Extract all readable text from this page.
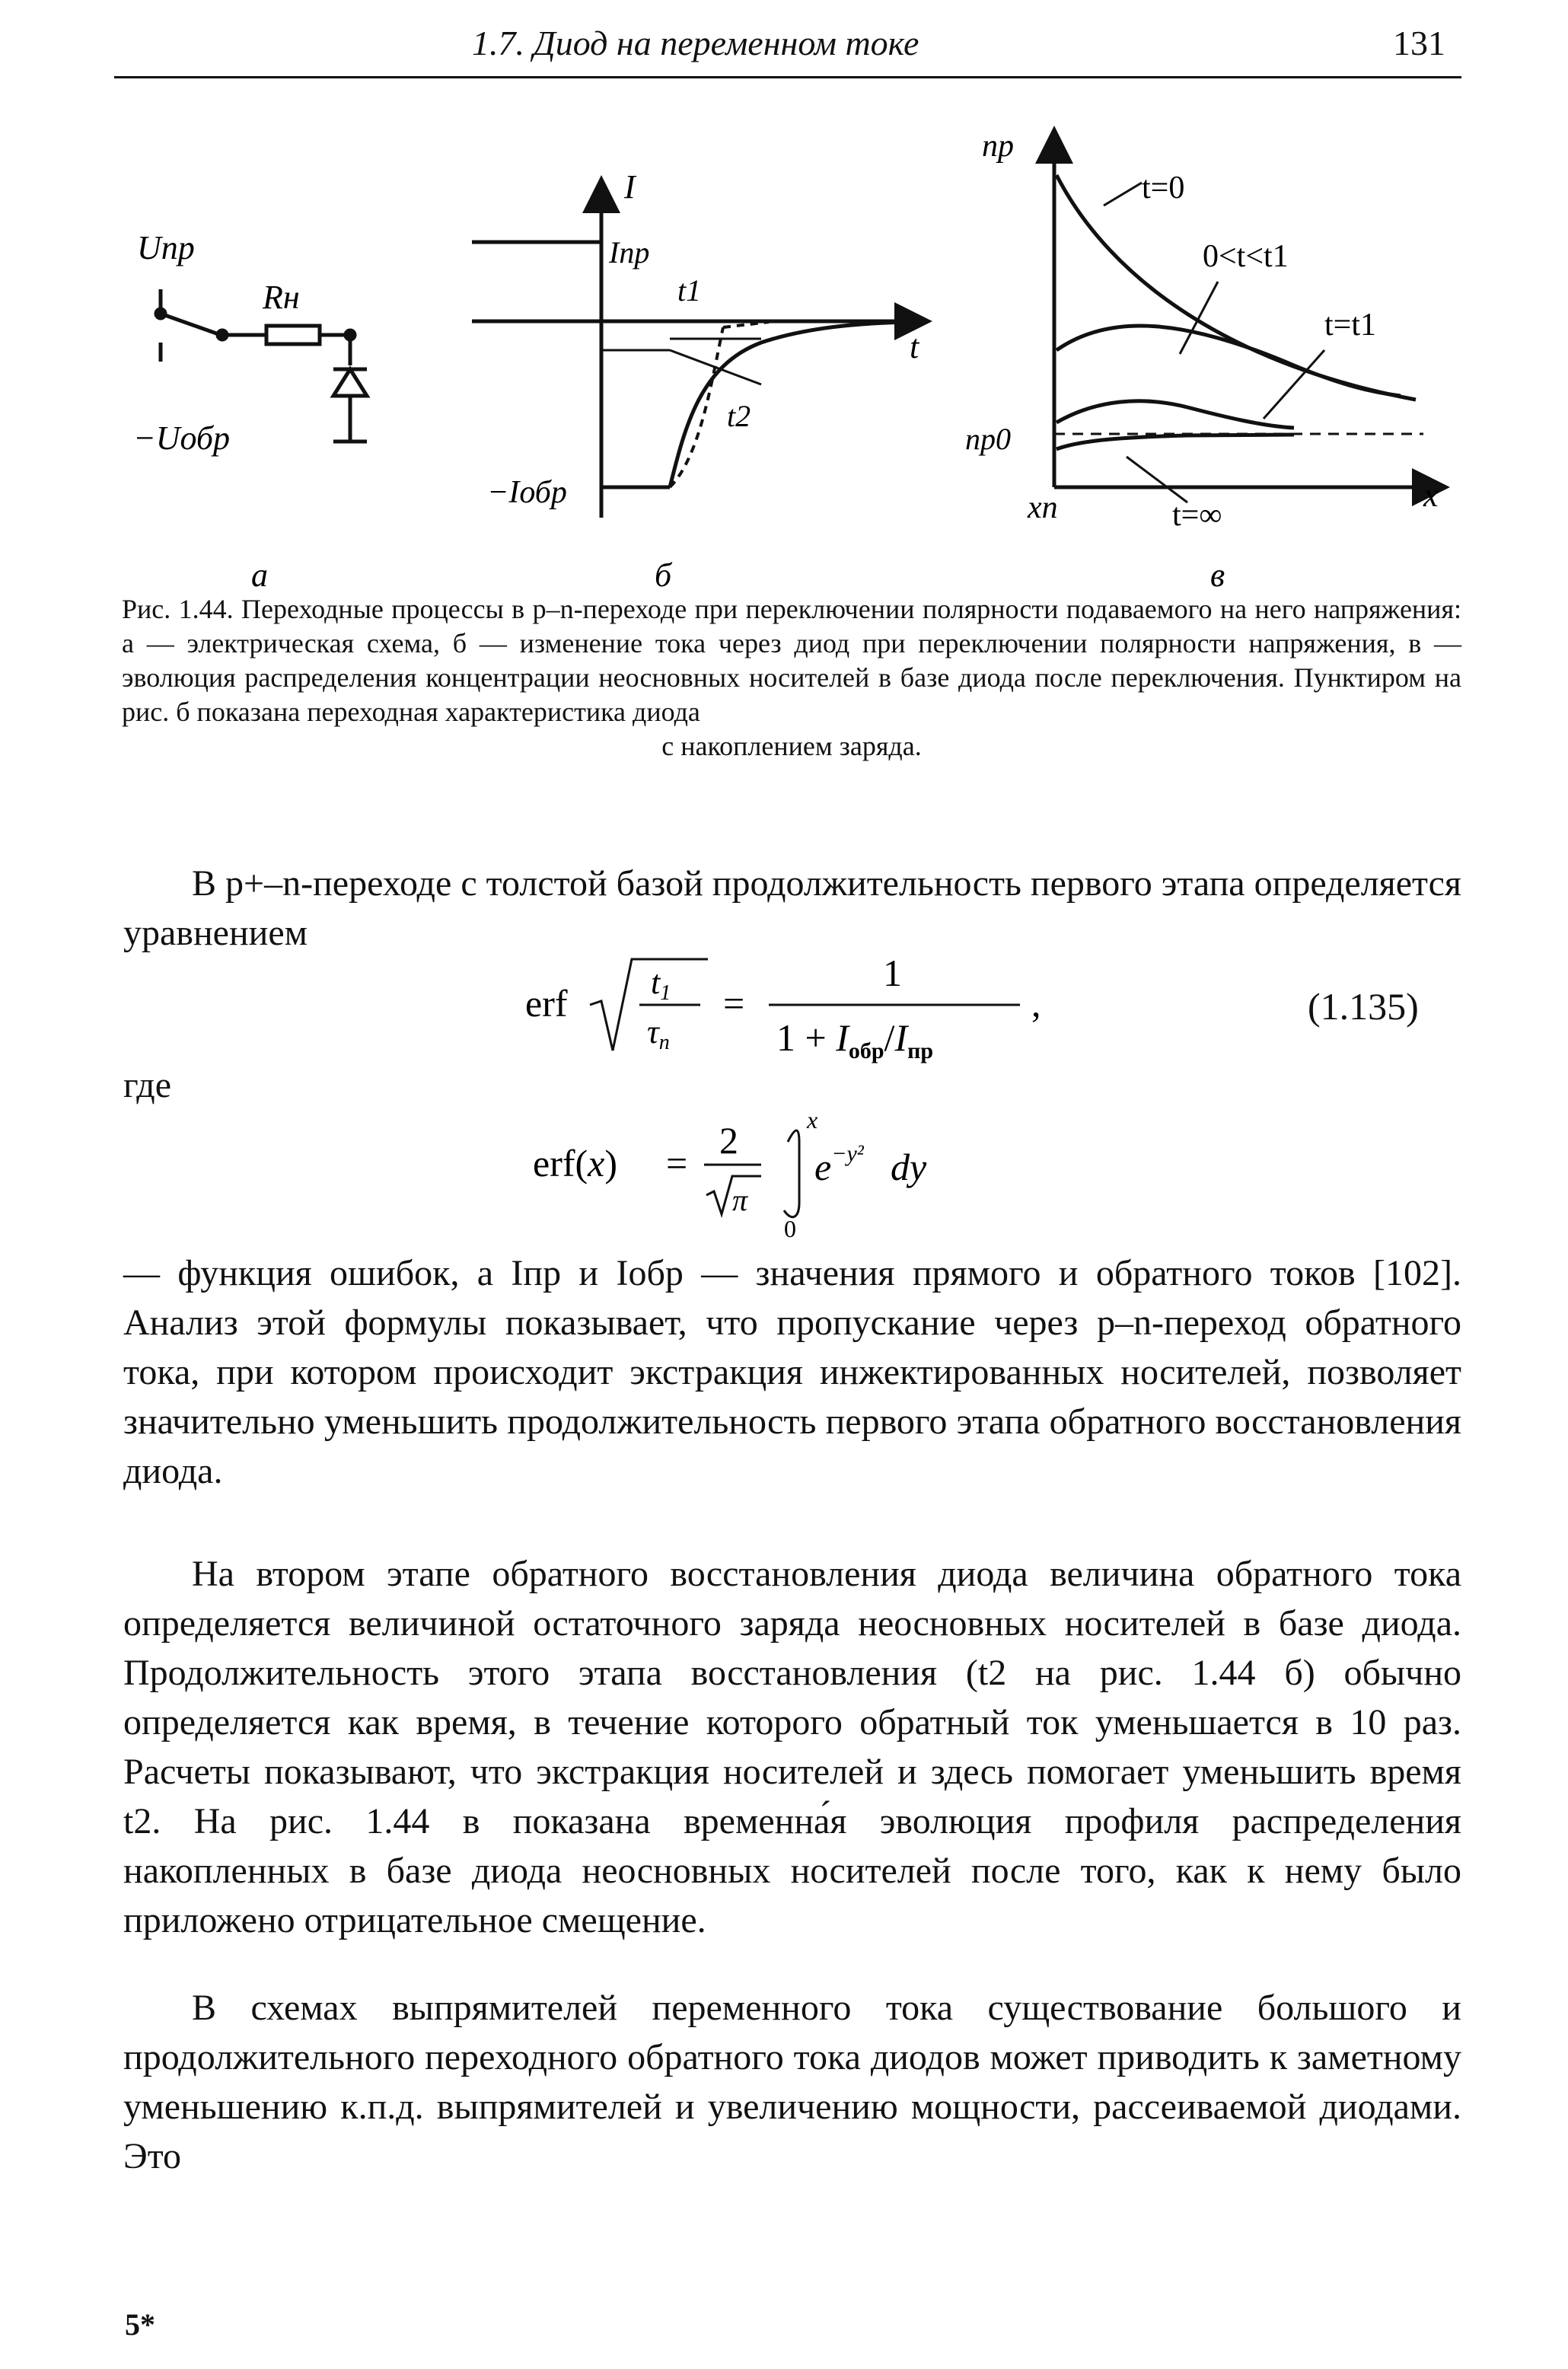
1.7. Диод на переменном токе	131
Uпр
Rн
−Uобр
а
I
Iпр
t1
t2
t
−Iобр
б
np
t=0
0<t<t1
t=t1
np0
xn	t=∞
x
в
Рис. 1.44. Переходные процессы в p–n-переходе при переключении полярности подаваемого на него напряжения: а — электрическая схема, б — изменение тока через диод при переключении полярности напряжения, в — эволюция распределения концентрации неосновных носителей в базе диода после переключения. Пунктиром на рис. б показана переходная характеристика диода
с накоплением заряда.
В p+–n-переходе с толстой базой продолжительность первого этапа определяется уравнением
erf t1
τn
=
1
$1 + I_{обр}/I_{пр}$
,	(1.135)
где
erf(x) =
2
π
x
0
$e^{-y^2}$ dy
— функция ошибок, а Iпр и Iобр — значения прямого и обратного токов [102]. Анализ этой формулы показывает, что пропускание через p–n-переход обратного тока, при котором происходит экстракция инжектированных носителей, позволяет значительно уменьшить продолжительность первого этапа обратного восстановления диода.
На втором этапе обратного восстановления диода величина обратного тока определяется величиной остаточного заряда неосновных носителей в базе диода. Продолжительность этого этапа восстановления (t2 на рис. 1.44 б) обычно определяется как время, в течение которого обратный ток уменьшается в 10 раз. Расчеты показывают, что экстракция носителей и здесь помогает уменьшить время t2. На рис. 1.44 в показана временна́я эволюция профиля распределения накопленных в базе диода неосновных носителей после того, как к нему было приложено отрицательное смещение.
В схемах выпрямителей переменного тока существование большого и продолжительного переходного обратного тока диодов может приводить к заметному уменьшению к.п.д. выпрямителей и увеличению мощности, рассеиваемой диодами. Это
5*
